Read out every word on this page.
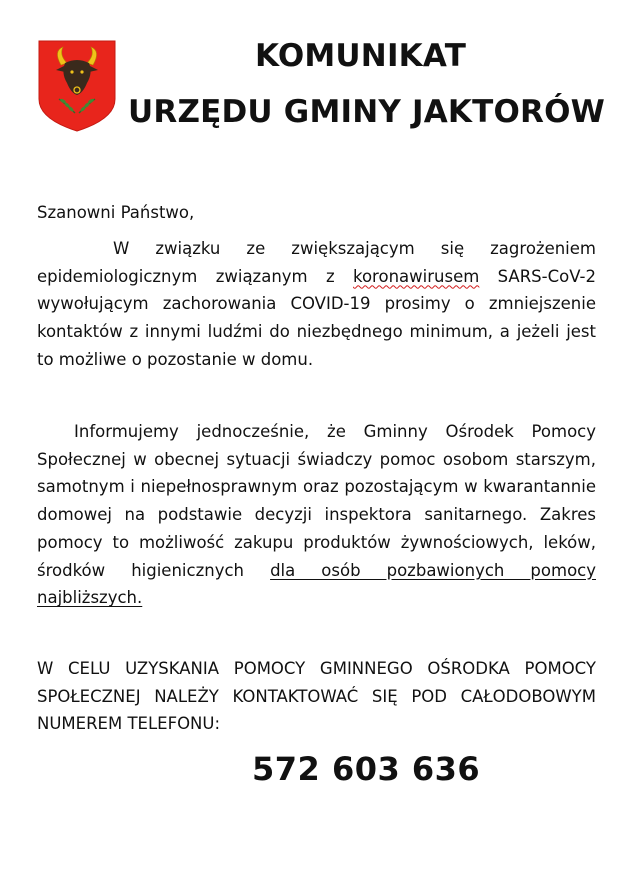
KOMUNIKAT
URZĘDU GMINY JAKTORÓW
Szanowni Państwo,
W związku ze zwiększającym się zagrożeniem epidemiologicznym związanym z koronawirusem SARS-CoV-2 wywołującym zachorowania COVID-19 prosimy o zmniejszenie kontaktów z innymi ludźmi do niezbędnego minimum, a jeżeli jest to możliwe o pozostanie w domu.
Informujemy jednocześnie, że Gminny Ośrodek Pomocy Społecznej w obecnej sytuacji świadczy pomoc osobom starszym, samotnym i niepełnosprawnym oraz pozostającym w kwarantannie domowej na podstawie decyzji inspektora sanitarnego. Zakres pomocy to możliwość zakupu produktów żywnościowych, leków, środków higienicznych dla osób pozbawionych pomocy najbliższych.
W CELU UZYSKANIA POMOCY GMINNEGO OŚRODKA POMOCY SPOŁECZNEJ NALEŻY KONTAKTOWAĆ SIĘ POD CAŁODOBOWYM NUMEREM TELEFONU:
572 603 636
